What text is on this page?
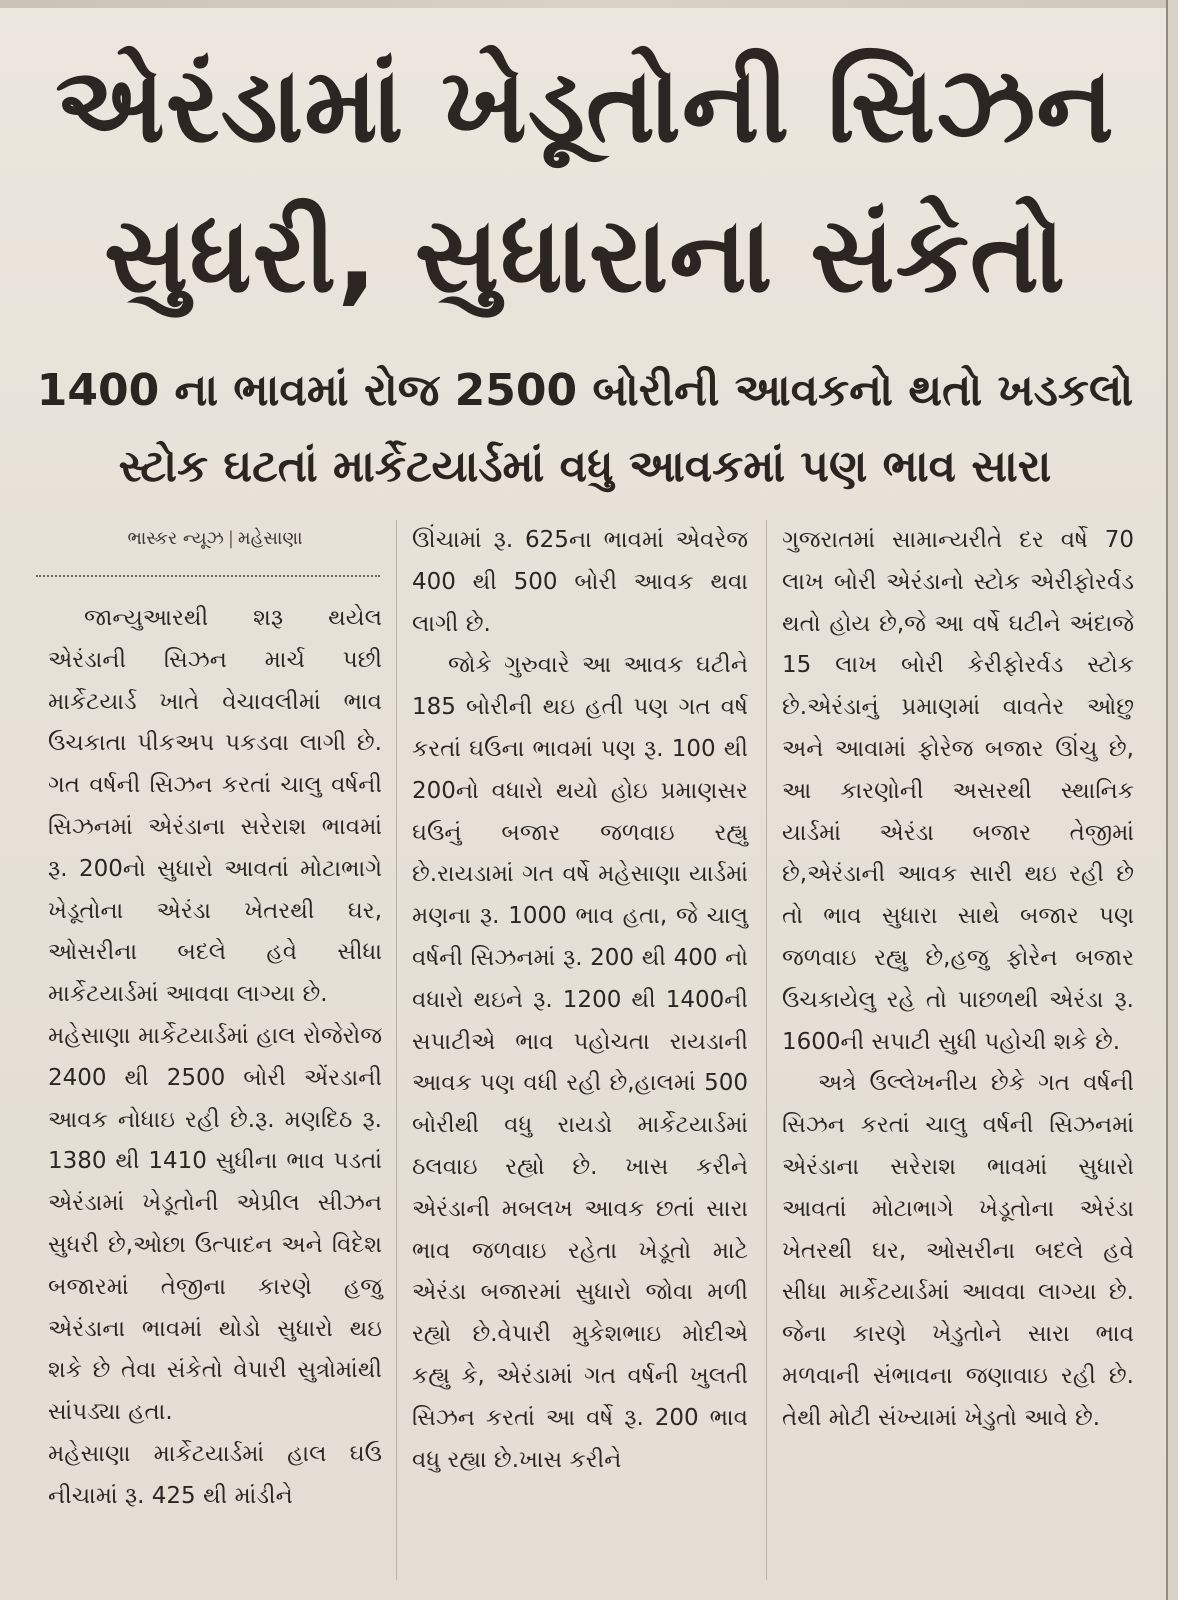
એરંડામાં ખેડૂતોની સિઝન
સુધરી, સુધારાના સંકેતો
1400 ના ભાવમાં રોજ 2500 બોરીની આવકનો થતો ખડકલો
સ્ટોક ઘટતાં માર્કેટયાર્ડમાં વધુ આવકમાં પણ ભાવ સારા
ભાસ્કર ન્યૂઝ | મહેસાણા

જાન્યુઆરથી શરૂ થયેલ એરંડાની સિઝન માર્ચ પછી માર્કેટયાર્ડ ખાતે વેચાવલીમાં ભાવ ઉચકાતા પીકઅપ પકડવા લાગી છે. ગત વર્ષની સિઝન કરતાં ચાલુ વર્ષની સિઝનમાં એરંડાના સરેરાશ ભાવમાં રૂ. 200નો સુધારો આવતાં મોટાભાગે ખેડૂતોના એરંડા ખેતરથી ઘર, ઓસરીના બદલે હવે સીધા માર્કેટયાર્ડમાં આવવા લાગ્યા છે.

મહેસાણા માર્કેટયાર્ડમાં હાલ રોજેરોજ 2400 થી 2500 બોરી એંરડાની આવક નોધાઇ રહી છે.રૂ. મણદિઠ રૂ. 1380 થી 1410 સુધીના ભાવ પડતાં એરંડામાં ખેડૂતોની એપ્રીલ સીઝન સુધરી છે,ઓછા ઉત્પાદન અને વિદેશ બજારમાં તેજીના કારણે હજુ એરંડાના ભાવમાં થોડો સુધારો થઇ શકે છે તેવા સંકેતો વેપારી સુત્રોમાંથી સાંપડ્યા હતા.

મહેસાણા માર્કેટયાર્ડમાં હાલ ઘઉ નીચામાં રૂ. 425 થી માંડીને

ઊંચામાં રૂ. 625ના ભાવમાં એવરેજ 400 થી 500 બોરી આવક થવા લાગી છે.

જોકે ગુરુવારે આ આવક ઘટીને 185 બોરીની થઇ હતી પણ ગત વર્ષ કરતાં ઘઉના ભાવમાં પણ રૂ. 100 થી 200નો વધારો થયો હોઇ પ્રમાણસર ઘઉનું બજાર જળવાઇ રહ્યુ છે.રાયડામાં ગત વર્ષે મહેસાણા યાર્ડમાં મણના રૂ. 1000 ભાવ હતા, જે ચાલુ વર્ષની સિઝનમાં રૂ. 200 થી 400 નો વધારો થઇને રૂ. 1200 થી 1400ની સપાટીએ ભાવ પહોચતા રાયડાની આવક પણ વધી રહી છે,હાલમાં 500 બોરીથી વધુ રાયડો માર્કેટયાર્ડમાં ઠલવાઇ રહ્યો છે. ખાસ કરીને એરંડાની મબલખ આવક છતાં સારા ભાવ જળવાઇ રહેતા ખેડૂતો માટે એરંડા બજારમાં સુધારો જોવા મળી રહ્યો છે.વેપારી મુકેશભાઇ મોદીએ કહ્યુ કે, એરંડામાં ગત વર્ષની ખુલતી સિઝન કરતાં આ વર્ષે રૂ. 200 ભાવ વધુ રહ્યા છે.ખાસ કરીને

ગુજરાતમાં સામાન્યરીતે દર વર્ષે 70 લાખ બોરી એરંડાનો સ્ટોક એરીફોરર્વડ થતો હોય છે,જે આ વર્ષે ઘટીને અંદાજે 15 લાખ બોરી કેરીફોરર્વડ સ્ટોક છે.એરંડાનું પ્રમાણમાં વાવતેર ઓછુ અને આવામાં ફોરેજ બજાર ઊંચુ છે, આ કારણોની અસરથી સ્થાનિક યાર્ડમાં એરંડા બજાર તેજીમાં છે,એરંડાની આવક સારી થઇ રહી છે તો ભાવ સુધારા સાથે બજાર પણ જળવાઇ રહ્યુ છે,હજુ ફોરેન બજાર ઉચકાયેલુ રહે તો પાછળથી એરંડા રૂ. 1600ની સપાટી સુધી પહોચી શકે છે.

અત્રે ઉલ્લેખનીય છેકે ગત વર્ષની સિઝન કરતાં ચાલુ વર્ષની સિઝનમાં એરંડાના સરેરાશ ભાવમાં સુધારો આવતાં મોટાભાગે ખેડૂતોના એરંડા ખેતરથી ઘર, ઓસરીના બદલે હવે સીધા માર્કેટયાર્ડમાં આવવા લાગ્યા છે. જેના કારણે ખેડુતોને સારા ભાવ મળવાની સંભાવના જણાવાઇ રહી છે. તેથી મોટી સંખ્યામાં ખેડુતો આવે છે.
